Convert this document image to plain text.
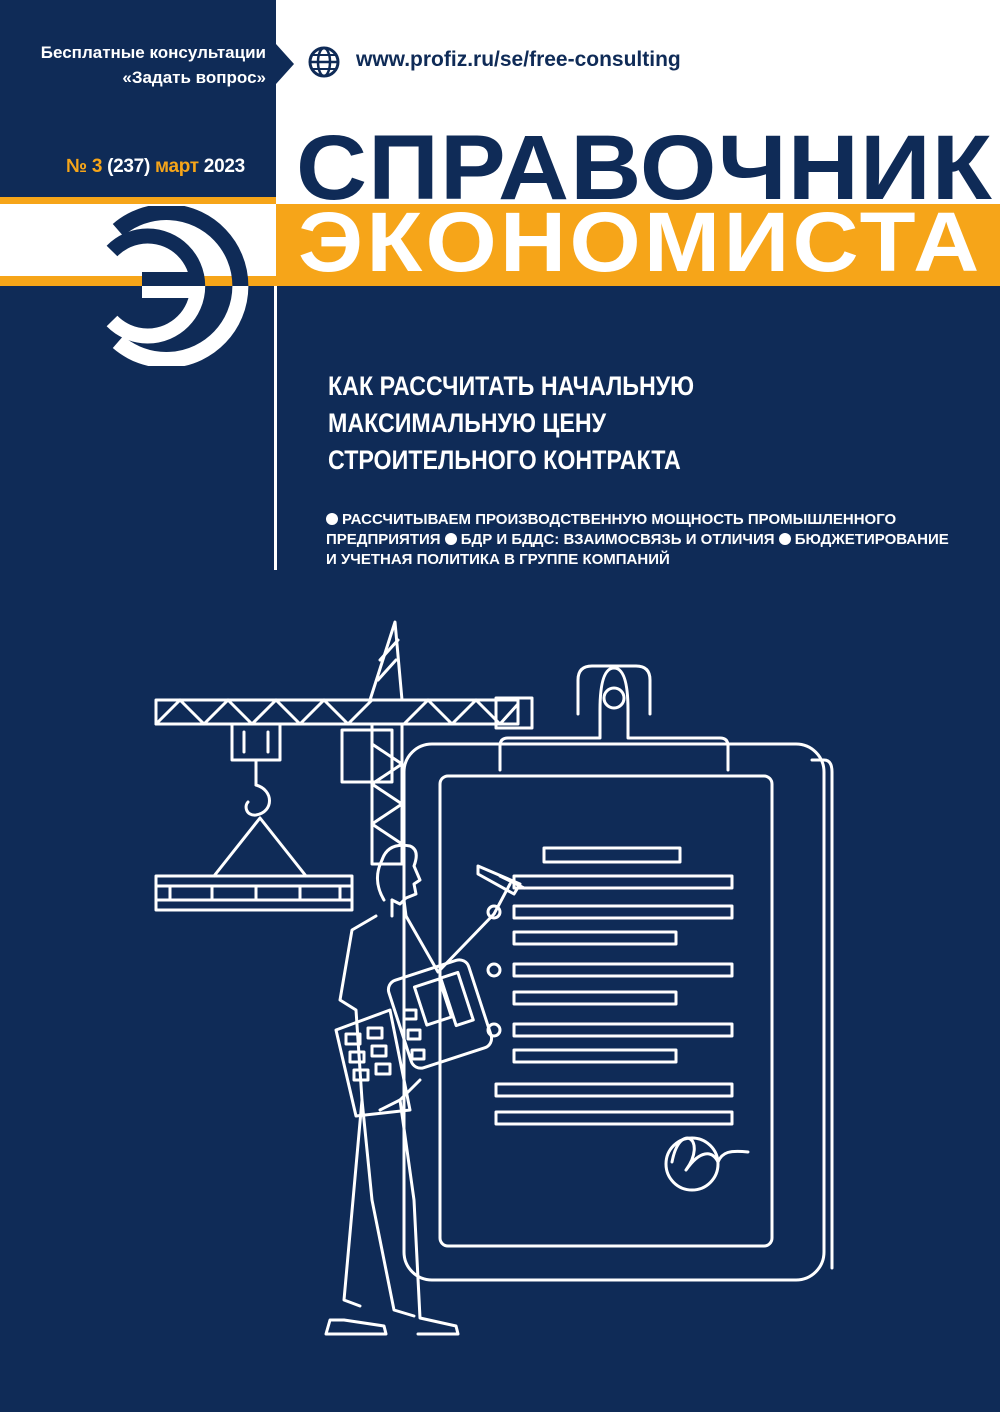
Бесплатные консультации
«Задать вопрос»
www.profiz.ru/se/free-consulting
№ 3 (237) март 2023 СПРАВОЧНИК
ЭКОНОМИСТА
КАК РАССЧИТАТЬ НАЧАЛЬНУЮ
МАКСИМАЛЬНУЮ ЦЕНУ
СТРОИТЕЛЬНОГО КОНТРАКТА
РАССЧИТЫВАЕМ ПРОИЗВОДСТВЕННУЮ МОЩНОСТЬ ПРОМЫШЛЕННОГО
ПРЕДПРИЯТИЯ БДР И БДДС: ВЗАИМОСВЯЗЬ И ОТЛИЧИЯ БЮДЖЕТИРОВАНИЕ
И УЧЕТНАЯ ПОЛИТИКА В ГРУППЕ КОМПАНИЙ
